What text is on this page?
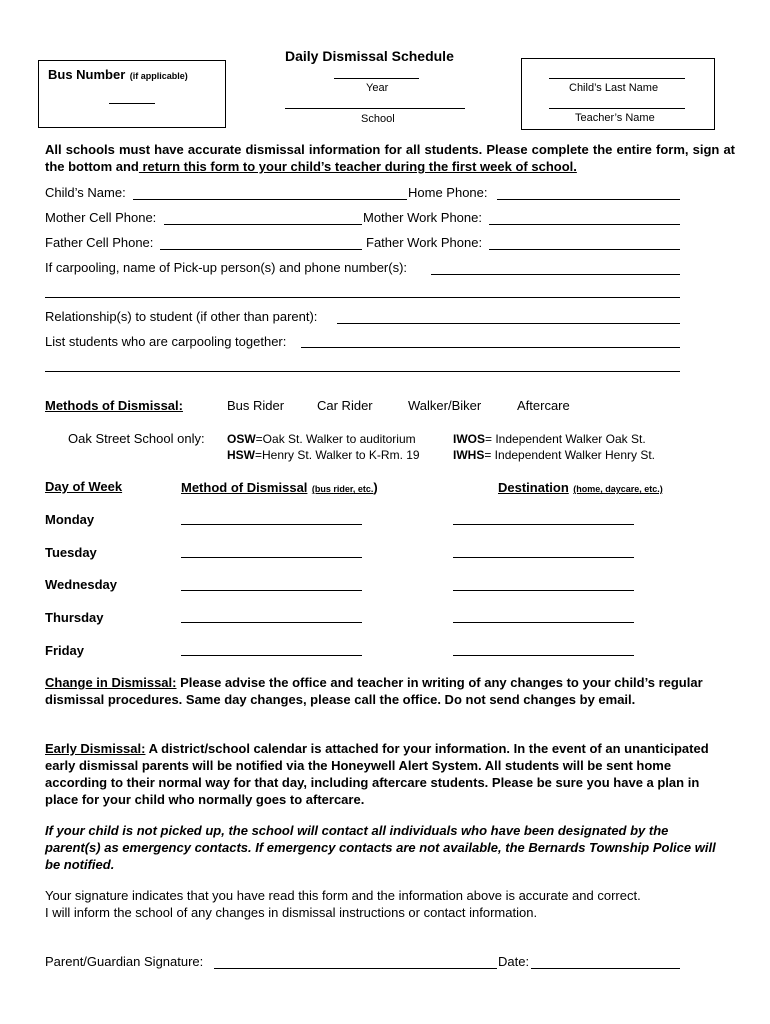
Daily Dismissal Schedule
Bus Number (if applicable)
Year
School
Child’s Last Name
Teacher’s Name
All schools must have accurate dismissal information for all students. Please complete the entire form, sign at the bottom and return this form to your child’s teacher during the first week of school.
Child’s Name:	Home Phone:
Mother Cell Phone:	Mother Work Phone:
Father Cell Phone:	Father Work Phone:
If carpooling, name of Pick-up person(s) and phone number(s):
Relationship(s) to student (if other than parent):
List students who are carpooling together:
Methods of Dismissal:	Bus Rider	Car Rider	Walker/Biker	Aftercare
Oak Street School only: OSW=Oak St. Walker to auditorium
HSW=Henry St. Walker to K-Rm. 19
IWOS= Independent Walker Oak St.
IWHS= Independent Walker Henry St.
Day of Week	Method of Dismissal (bus rider, etc.)	Destination (home, daycare, etc.)
Monday
Tuesday
Wednesday
Thursday
Friday
Change in Dismissal: Please advise the office and teacher in writing of any changes to your child’s regular dismissal procedures. Same day changes, please call the office. Do not send changes by email.
Early Dismissal: A district/school calendar is attached for your information. In the event of an unanticipated early dismissal parents will be notified via the Honeywell Alert System. All students will be sent home according to their normal way for that day, including aftercare students. Please be sure you have a plan in place for your child who normally goes to aftercare.
If your child is not picked up, the school will contact all individuals who have been designated by the parent(s) as emergency contacts. If emergency contacts are not available, the Bernards Township Police will be notified.
Your signature indicates that you have read this form and the information above is accurate and correct.
I will inform the school of any changes in dismissal instructions or contact information.
Parent/Guardian Signature:	Date:
